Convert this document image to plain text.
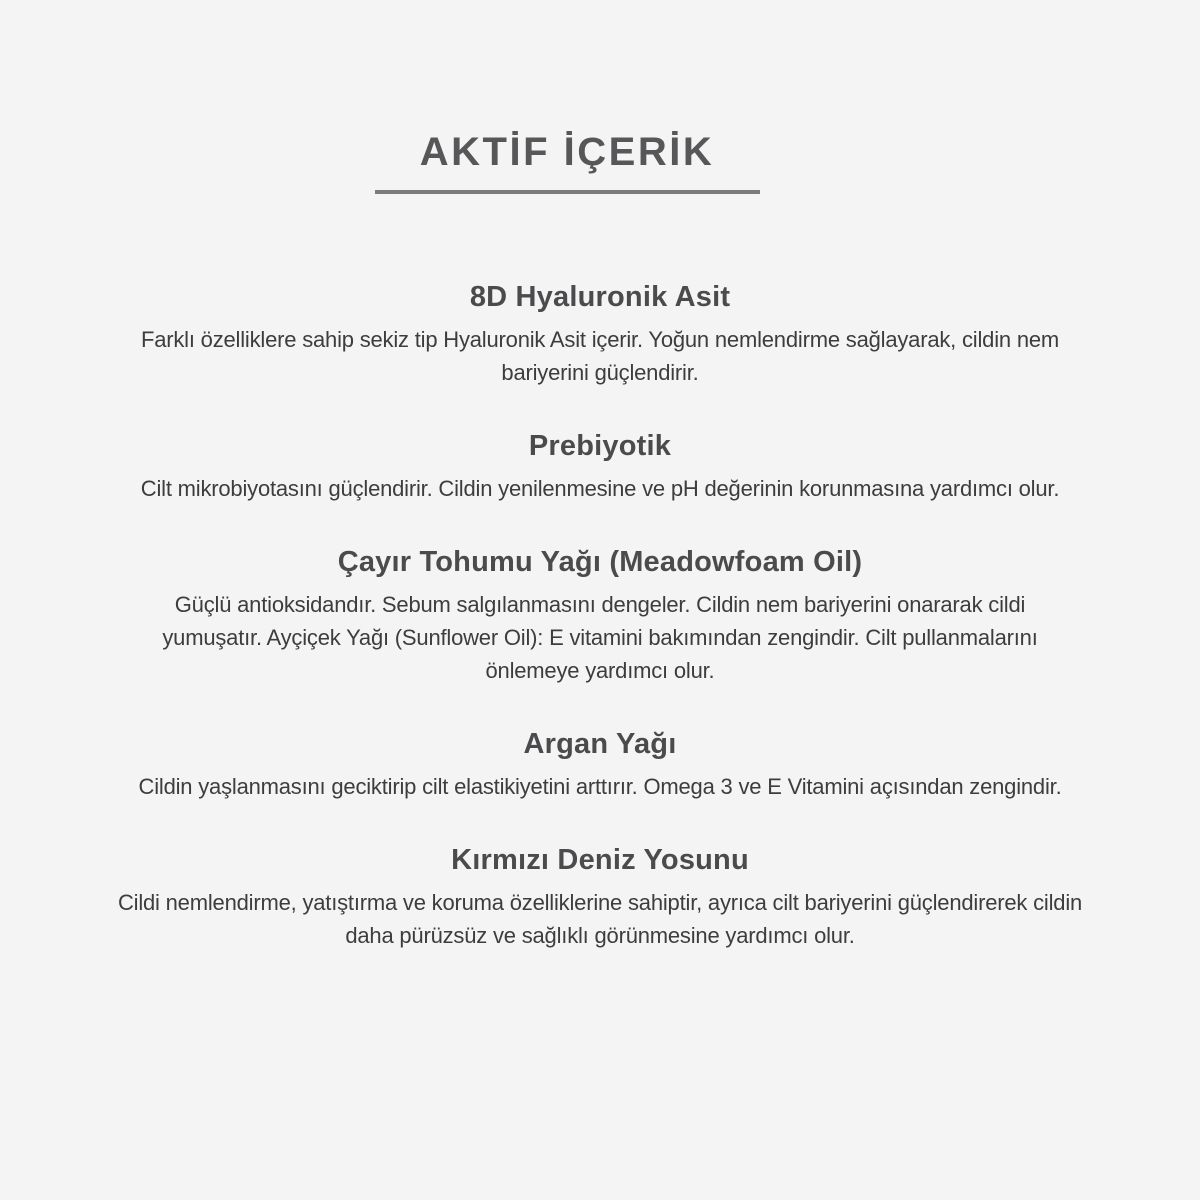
AKTİF İÇERİK
8D Hyaluronik Asit

Farklı özelliklere sahip sekiz tip Hyaluronik Asit içerir. Yoğun nemlendirme sağlayarak, cildin nem bariyerini güçlendirir.

Prebiyotik

Cilt mikrobiyotasını güçlendirir. Cildin yenilenmesine ve pH değerinin korunmasına yardımcı olur.

Çayır Tohumu Yağı (Meadowfoam Oil)

Güçlü antioksidandır. Sebum salgılanmasını dengeler. Cildin nem bariyerini onararak cildi yumuşatır. Ayçiçek Yağı (Sunflower Oil): E vitamini bakımından zengindir. Cilt pullanmalarını önlemeye yardımcı olur.

Argan Yağı

Cildin yaşlanmasını geciktirip cilt elastikiyetini arttırır. Omega 3 ve E Vitamini açısından zengindir.

Kırmızı Deniz Yosunu

Cildi nemlendirme, yatıştırma ve koruma özelliklerine sahiptir, ayrıca cilt bariyerini güçlendirerek cildin daha pürüzsüz ve sağlıklı görünmesine yardımcı olur.
